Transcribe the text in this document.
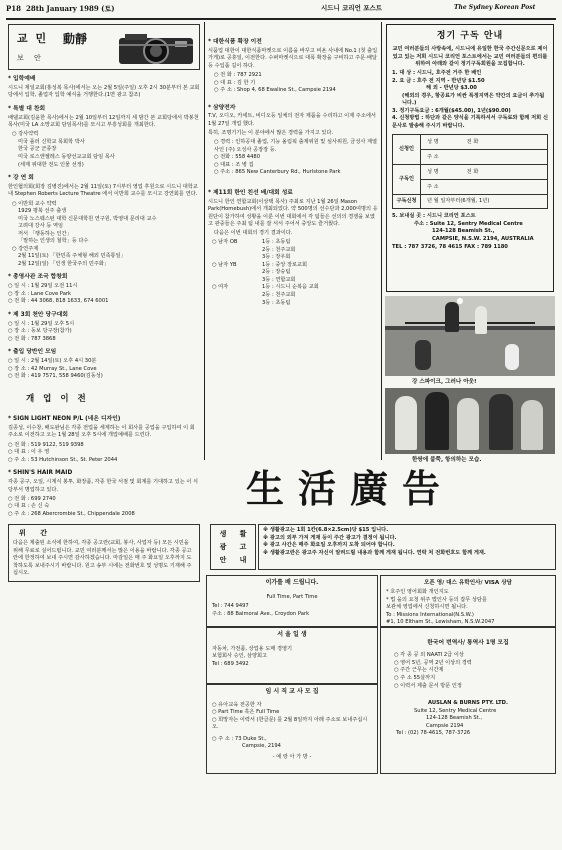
P18 28th January 1989 (토)	시드니 코리언 포스트	The Sydney Korean Post
교 민 動靜
보 안
* 입학예배
시드니 제일교회(홍성복 목사)에서는 오는 2월 5일(주일) 오후 2시 30분부터 본 교회당에서 입학, 졸업자 입학 예식을 거행한다.(1면 광고 참조)
* 특별 대 찬회
배델교회(김윤한 목사)에서는 2월 10일부터 12일까지 세 밤간 본 교회당에서 박봉천 목사(미국 LA 소망교회 담임목사)를 모시고 부흥성회를 개최한다.
○ 강사약력
미국 플러 신학교 목회학 박사
한국 공군 군종장
미국 로스앤젤레스 동양선교교회 담임 목사
(세계 위대한 전도 인물 선정)
* 강 연 회
한인협의회(회장 김병진)에서는 2월 11일(토) 7시부터 영업 후원으로 시드니 대학교내 Stephen Roberts Lecture Theatre 에서 이반희 교수를 모시고 강연회를 연다.
○ 이반희 교수 약력
1929 평북 선주 출생
미국 노스웨스턴 대학 신문대학원 연구원, 박영대 문리대 교수
고려대 강사 등 역임
저서 「행동하는 인간」
「말하는 인생의 철학」등 다수
○ 강연주제
2월 11일(토) 「한민족 주체형 해외 민족통일」
2월 12일(일) 「인생 한국주의 민주화」
* 총영사관 조국 합창회
○ 일 시 : 1월 29일 오전 11시
○ 장 소 : Lane Cove Park
○ 전 화 : 44 3068, 818 1633, 674 6001
* 제 3회 천안 당구대회
○ 일 시 : 1월 29일 오후 5시
○ 장 소 : 동보 당구장(참가)
○ 전 화 : 787 3868
* 출입 당반인 모임
○ 일 시 : 2월 14일(토) 오후 4시 30분
○ 장 소 : 42 Murray St., Lane Cove
○ 전 화 : 419 7571, 558 9460(김동성)
개 업 이 전
* SIGN LIGHT NEON P/L (네온 디자인)
김종성, 이수창, 배도완님은 각종 전업을 세계하는 이 회사를 공업을 구입하여 이 회 주소로 이전하고 오는 1월 28일 오후 5시에 개업예배를 드린다.
○ 전 화 : 519 9122, 519 9398
○ 대 표 : 이 우 영
○ 주 소 : 53 Hutchinson St., St. Peter 2044
* SHIN'S HAIR MAID
각종 공구, 오일, 시계식 봉투, 화장품, 각종 한국 서점 및 회계를 기대하고 있는 이 식당부서 명업하고 있다.
○ 전 화 : 699 2740
○ 대 표 : 손 신 숙
○ 주 소 : 268 Abercrombie St., Chippendale 2008
위 간
다음은 제출된 소식에 한하여, 각종 공고란(교회, 봉사, 사업자 등) 모든 시민을 위해 무료로 실어드립니다. 교민 여러분께서는 많은 이용을 바랍니다. 각종 공고란에 한정하여 보내 주시면 감사하겠습니다. 마감일은 매 주 화요일 오후까지 도착하도록 보내주시기 바랍니다. 원고 송부 시에는 전화번호 및 성명도 기재해 주십시오.
* 대한식품 확장 이전
식품업 대한이 대한식품마켓으로 이름을 바꾸고 비욘 사내에 No.1 (첫 출입가게)로 공휴일, 이전한다. 수퍼마켓식으로 대폭 확장을 구비하고 주문·배달 등 수입품 길이 하다.
○ 전 화 : 787 2921
○ 대 표 : 김 한 기
○ 주 소 : Shop 4, 68 Ewaline St., Campsie 2194
* 삼양전자
T.V, 오디오, 카세트, 비디오등 일체의 전자 제품을 수리하고 이제 주소에서 1월 27일 개업 했다.
특히, 조명기기는 이 분야에서 많은 경력을 가지고 있다.
○ 경력 : 인하공대 졸업, 기능 올림픽 출제위원 및 심사위원, 금성사 계열사인 (주) 오성사 공장장 등.
○ 전화 : 558 4480
○ 대표 : 조 병 집
○ 주소 : 865 New Canterbury Rd., Hurlstone Park
* 제11회 한인 친선 배/대회 성료
시드니 한인 연합교회(이상택 목사) 주최로 지난 1월 26일 Mason Park(Homebush)에서 개최되었다. 약 500명의 선수단과 2,000여명의 응원단이 참가하여 성황을 이룬 이번 대회에서 각 팀들은 선의의 경쟁을 보였고 관중들은 주최 팀 내를 잘 서서 주어서 중앙도 즐거웠다.
다음은 이번 대회의 경기 결과이다.
○ 남자 OB	1등 : 초동팀
2등 : 천주교회
3등 : 장우회
○ 남자 YB	1등 : 중앙 장로교회
2등 : 장숭팀
3등 : 연합교회
○ 여자	1등 : 시드니 순복음 교회
2등 : 천주교회
3등 : 초동팀
정기 구독 안내
교민 여러분들의 사랑속에, 시드니에 유일한 한국 주간신문으로 제이었고 있는 저희 시드니 코리언 포스트에서는 교민 여러분들의 편의를 위하여 아래와 같이 정기구독회원을 모집합니다.
1. 대 상 : 시드니, 호주전 거주 한 배인
2. 요 금 : 호주 전 지역 - 반년당 $1.50
해 외 - 반년당 $3.00
(해외의 경우, 항공료가 비싼 특정지역은 약간의 요금이 추가됩니다.)
3. 정기구독요금 : 6개월($45.00), 1년($90.00)
4. 신청방법 : 하단과 같은 양식을 기록하셔서 구독료와 함께 저희 신문사로 발송해 주시기 바랍니다.
신청인	성 명 전 화
	주 소
구독인	성 명 전 화
	주 소
구독신청	년 월 일자부터(6개월, 1년)
5. 보내실 곳 : 시드니 코리언 포스트
주소 : Suite 12, Sentry Medical Centre
124-128 Beamish St.,
CAMPSIE, N.S.W. 2194, AUSTRALIA
TEL : 787 3726, 78 4615 FAX : 789 1180
강 스파이크, 그러나 아웃!
한쌍에 붙쭉, 항의하는 모습.
生活廣告
생	활
광	고
안	내
※ 생활광고는 1회 1칸(6.8×2.5cm)당 $15 입니다.
※ 광고의 외부 가져 게재 등이 주간 광고가 결정이 됩니다.
※ 광고 사간은 매주 화요일 오후까지 도착 되어야 합니다.
※ 생활광고란은 광고주 자신이 알려드릴 내용과 함께 게재 됩니다. 연락 처 전화번호도 함께 게재.
이가를 배 드립니다.
Full Time, Part Time
Tel : 744 9497
주소 : 88 Balmoral Ave., Croydon Park
서 울 일 생
자동차, 가전품, 상업용 도매 경영기
보험회사 승인, 삼양회고
Tel : 689 3492
임 시 직 교 사 모 집
○ 유아교육 전공한 자
○ Part Time 혹은 Full Time
○ 희망자는 이력서 (한글문) 를 2월 8일까지 아래 주소로 보내주십시오.
○ 주 소 : 73 Duke St.,
Campsie, 2194
- 예 랑 아 가 방 -
오픈 영/ 대스 유학인사/ VISA 상담
* 호주인 영어회화 개인지도
* 법 을의 요청 위주 법인사 등의 잡무 상담를
보관체 영업에서 신청하시면 됩니다.
To : Missions International(N.S.W.)
#1, 10 Eltham St., Lewisham, N.S.W.2047
한국어 번역사/ 통역사 1명 모집
○ 각 종 공 외 NAATI 2급 이상
○ 영어 5년, 공역 2년 이상의 경력
○ 주간 근무는 시간제
○ 주 소 55살까지
○ 이력서 제출 문서 방문 인정
AUSLAN & BURNS PTY. LTD.
Suite 12, Sentry Medical Centre
124-128 Beamish St.,
Campsie 2194
Tel : (02) 78-4615, 787-3726
